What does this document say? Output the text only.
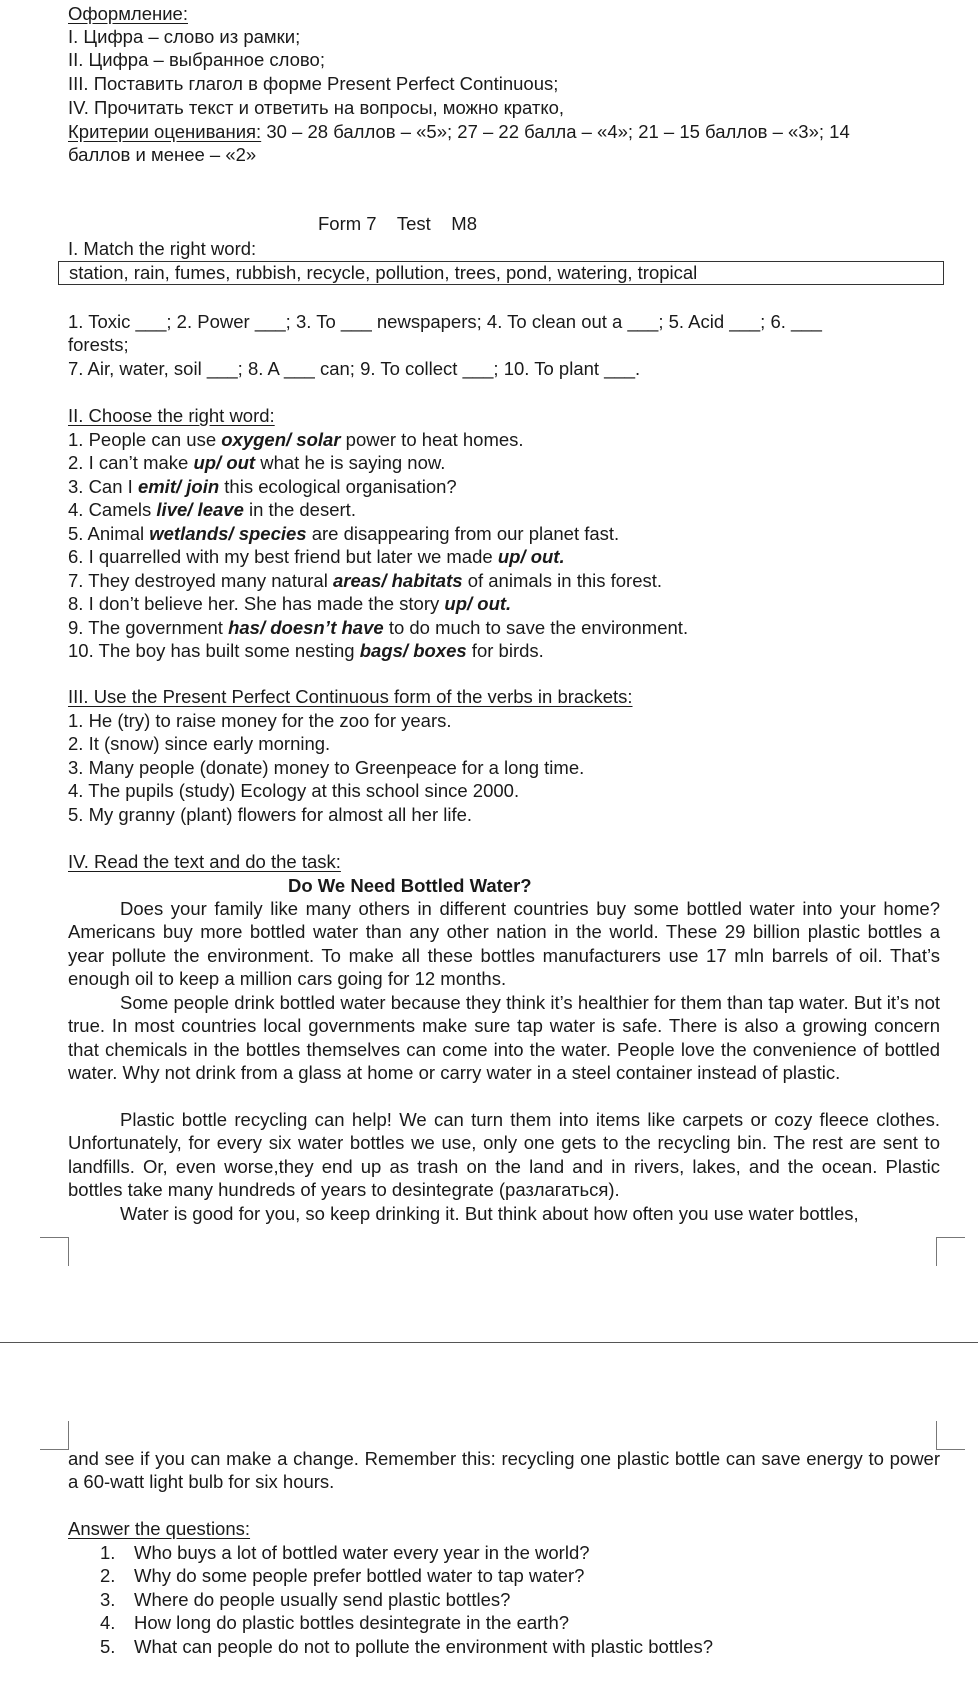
Оформление:
I. Цифра – слово из рамки;
II. Цифра – выбранное слово;
III. Поставить глагол в форме Present Perfect Continuous;
IV. Прочитать текст и ответить на вопросы, можно кратко,
Критерии оценивания: 30 – 28 баллов – «5»; 27 – 22 балла – «4»; 21 – 15 баллов – «3»; 14
баллов и менее – «2»
Form 7    Test    M8
I. Match the right word:
station, rain, fumes, rubbish, recycle, pollution, trees, pond, watering, tropical
1. Toxic ___; 2. Power ___; 3. To ___ newspapers; 4. To clean out a ___; 5. Acid ___; 6. ___
forests;
7. Air, water, soil ___; 8. A ___ can; 9. To collect ___; 10. To plant ___.
II. Choose the right word:
1. People can use oxygen/ solar power to heat homes.
2. I can’t make up/ out what he is saying now.
3. Can I emit/ join this ecological organisation?
4. Camels live/ leave in the desert.
5. Animal wetlands/ species are disappearing from our planet fast.
6. I quarrelled with my best friend but later we made up/ out.
7. They destroyed many natural areas/ habitats of animals in this forest.
8. I don’t believe her. She has made the story up/ out.
9. The government has/ doesn’t have to do much to save the environment.
10. The boy has built some nesting bags/ boxes for birds.
III. Use the Present Perfect Continuous form of the verbs in brackets:
1. He (try) to raise money for the zoo for years.
2. It (snow) since early morning.
3. Many people (donate) money to Greenpeace for a long time.
4. The pupils (study) Ecology at this school since 2000.
5. My granny (plant) flowers for almost all her life.
IV. Read the text and do the task:
Do We Need Bottled Water?
Does your family like many others in different countries buy some bottled water into your home? Americans buy more bottled water than any other nation in the world. These 29 billion plastic bottles a year pollute the environment. To make all these bottles manufacturers use 17 mln barrels of oil. That’s enough oil to keep a million cars going for 12 months.
Some people drink bottled water because they think it’s healthier for them than tap water. But it’s not true. In most countries local governments make sure tap water is safe. There is also a growing concern that chemicals in the bottles themselves can come into the water. People love the convenience of bottled water. Why not drink from a glass at home or carry water in a steel container instead of plastic.
Plastic bottle recycling can help! We can turn them into items like carpets or cozy fleece clothes. Unfortunately, for every six water bottles we use, only one gets to the recycling bin. The rest are sent to landfills. Or, even worse,they end up as trash on the land and in rivers, lakes, and the ocean. Plastic bottles take many hundreds of years to desintegrate (разлагаться).
Water is good for you, so keep drinking it. But think about how often you use water bottles,
and see if you can make a change. Remember this: recycling one plastic bottle can save energy to power a 60-watt light bulb for six hours.
Answer the questions:
1. Who buys a lot of bottled water every year in the world?
2. Why do some people prefer bottled water to tap water?
3. Where do people usually send plastic bottles?
4. How long do plastic bottles desintegrate in the earth?
5. What can people do not to pollute the environment with plastic bottles?
